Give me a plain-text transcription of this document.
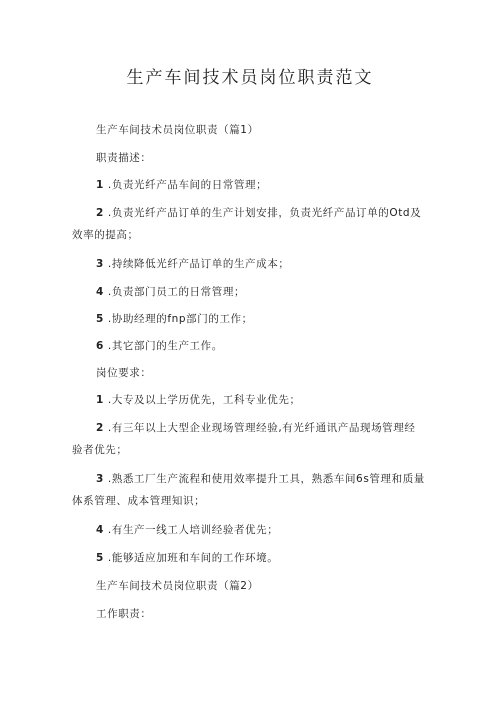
生产车间技术员岗位职责范文
生产车间技术员岗位职责（篇1）
职责描述：
1 .负责光纤产品车间的日常管理；
2 .负责光纤产品订单的生产计划安排，负责光纤产品订单的Otd及
效率的提高；
3 .持续降低光纤产品订单的生产成本；
4 .负责部门员工的日常管理；
5 .协助经理的fnp部门的工作；
6 .其它部门的生产工作。
岗位要求：
1 .大专及以上学历优先，工科专业优先；
2 .有三年以上大型企业现场管理经验,有光纤通讯产品现场管理经
验者优先；
3 .熟悉工厂生产流程和使用效率提升工具，熟悉车间6s管理和质量
体系管理、成本管理知识；
4 .有生产一线工人培训经验者优先；
5 .能够适应加班和车间的工作环境。
生产车间技术员岗位职责（篇2）
工作职责：
